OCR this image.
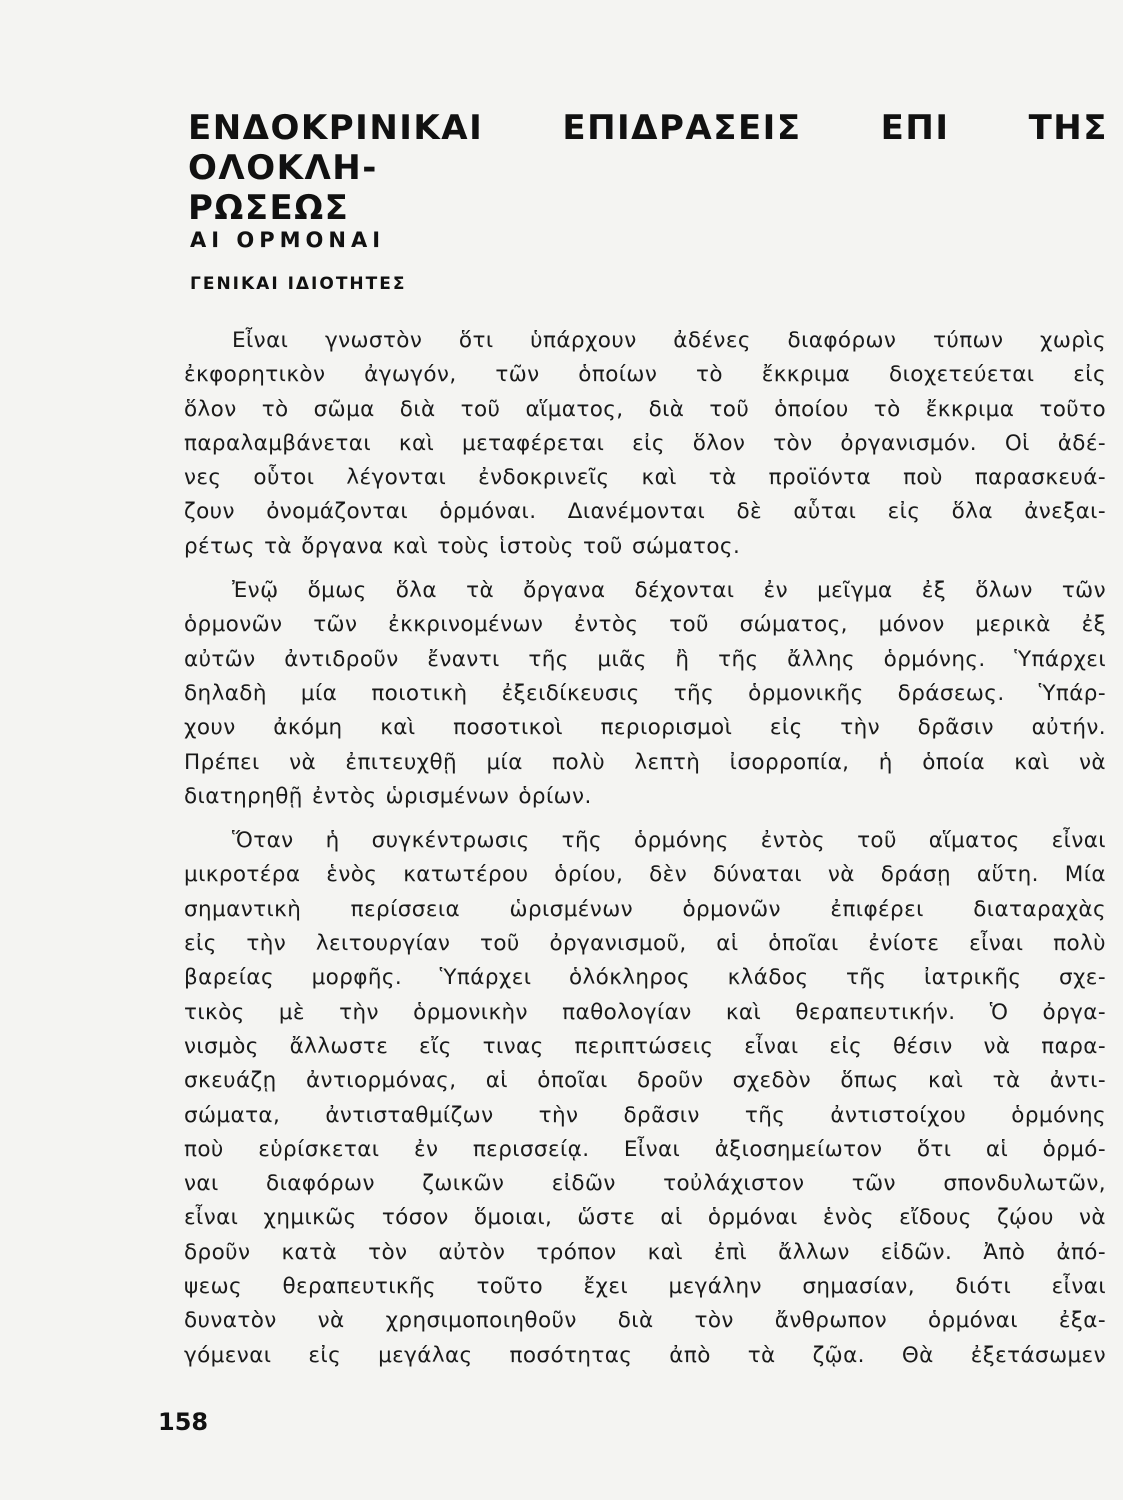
ΕΝΔΟΚΡΙΝΙΚΑΙ ΕΠΙΔΡΑΣΕΙΣ ΕΠΙ ΤΗΣ ΟΛΟΚΛΗ-
ΡΩΣΕΩΣ
ΑΙ ΟΡΜΟΝΑΙ
ΓΕΝΙΚΑΙ ΙΔΙΟΤΗΤΕΣ

Εἶναι γνωστὸν ὅτι ὑπάρχουν ἀδένες διαφόρων τύπων χωρὶς
ἐκφορητικὸν ἀγωγόν, τῶν ὁποίων τὸ ἔκκριμα διοχετεύεται εἰς
ὅλον τὸ σῶμα διὰ τοῦ αἵματος, διὰ τοῦ ὁποίου τὸ ἔκκριμα τοῦτο
παραλαμβάνεται καὶ μεταφέρεται εἰς ὅλον τὸν ὀργανισμόν. Οἱ ἀδέ-
νες οὗτοι λέγονται ἐνδοκρινεῖς καὶ τὰ προϊόντα ποὺ παρασκευά-
ζουν ὀνομάζονται ὁρμόναι. Διανέμονται δὲ αὗται εἰς ὅλα ἀνεξαι-
ρέτως τὰ ὄργανα καὶ τοὺς ἱστοὺς τοῦ σώματος.

Ἐνῷ ὅμως ὅλα τὰ ὄργανα δέχονται ἐν μεῖγμα ἐξ ὅλων τῶν
ὁρμονῶν τῶν ἐκκρινομένων ἐντὸς τοῦ σώματος, μόνον μερικὰ ἐξ
αὐτῶν ἀντιδροῦν ἔναντι τῆς μιᾶς ἢ τῆς ἄλλης ὁρμόνης. Ὑπάρχει
δηλαδὴ μία ποιοτικὴ ἐξειδίκευσις τῆς ὁρμονικῆς δράσεως. Ὑπάρ-
χουν ἀκόμη καὶ ποσοτικοὶ περιορισμοὶ εἰς τὴν δρᾶσιν αὐτήν.
Πρέπει νὰ ἐπιτευχθῇ μία πολὺ λεπτὴ ἰσορροπία, ἡ ὁποία καὶ νὰ
διατηρηθῇ ἐντὸς ὡρισμένων ὁρίων.

Ὅταν ἡ συγκέντρωσις τῆς ὁρμόνης ἐντὸς τοῦ αἵματος εἶναι
μικροτέρα ἑνὸς κατωτέρου ὁρίου, δὲν δύναται νὰ δράσῃ αὕτη. Μία
σημαντικὴ περίσσεια ὡρισμένων ὁρμονῶν ἐπιφέρει διαταραχὰς
εἰς τὴν λειτουργίαν τοῦ ὀργανισμοῦ, αἱ ὁποῖαι ἐνίοτε εἶναι πολὺ
βαρείας μορφῆς. Ὑπάρχει ὁλόκληρος κλάδος τῆς ἰατρικῆς σχε-
τικὸς μὲ τὴν ὁρμονικὴν παθολογίαν καὶ θεραπευτικήν. Ὁ ὀργα-
νισμὸς ἄλλωστε εἴς τινας περιπτώσεις εἶναι εἰς θέσιν νὰ παρα-
σκευάζῃ ἀντιορμόνας, αἱ ὁποῖαι δροῦν σχεδὸν ὅπως καὶ τὰ ἀντι-
σώματα, ἀντισταθμίζων τὴν δρᾶσιν τῆς ἀντιστοίχου ὁρμόνης
ποὺ εὑρίσκεται ἐν περισσείᾳ. Εἶναι ἀξιοσημείωτον ὅτι αἱ ὁρμό-
ναι διαφόρων ζωικῶν εἰδῶν τοὐλάχιστον τῶν σπονδυλωτῶν,
εἶναι χημικῶς τόσον ὅμοιαι, ὥστε αἱ ὁρμόναι ἑνὸς εἴδους ζῴου νὰ
δροῦν κατὰ τὸν αὐτὸν τρόπον καὶ ἐπὶ ἄλλων εἰδῶν. Ἀπὸ ἀπό-
ψεως θεραπευτικῆς τοῦτο ἔχει μεγάλην σημασίαν, διότι εἶναι
δυνατὸν νὰ χρησιμοποιηθοῦν διὰ τὸν ἄνθρωπον ὁρμόναι ἐξα-
γόμεναι εἰς μεγάλας ποσότητας ἀπὸ τὰ ζῷα. Θὰ ἐξετάσωμεν

158
